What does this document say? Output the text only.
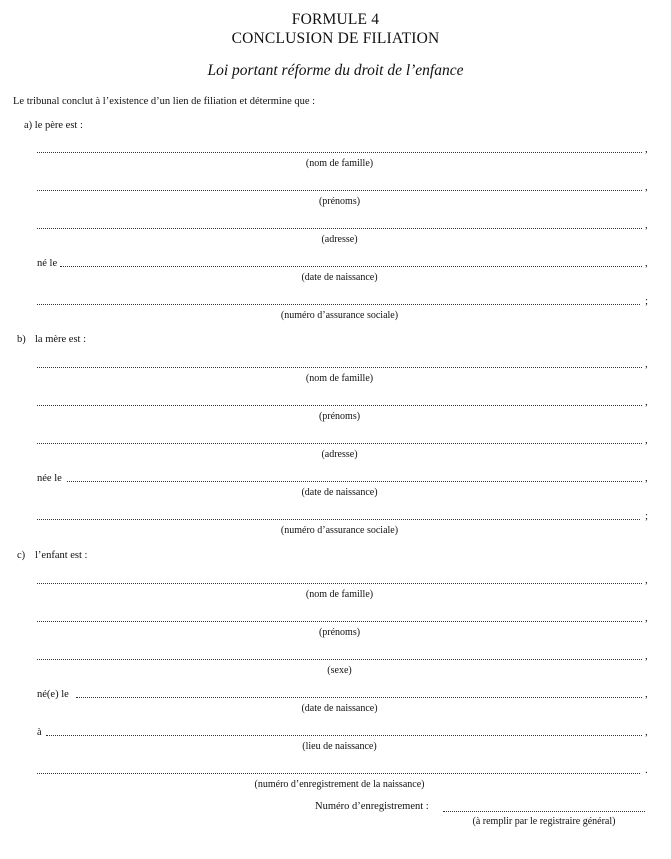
FORMULE 4
CONCLUSION DE FILIATION
Loi portant réforme du droit de l’enfance
Le tribunal conclut à l’existence d’un lien de filiation et détermine que :
a) le père est :
,
(nom de famille)
,
(prénoms)
,
(adresse)
né le	,
(date de naissance)
;
(numéro d’assurance sociale)
b) la mère est :
,
(nom de famille)
,
(prénoms)
,
(adresse)
née le	,
(date de naissance)
;
(numéro d’assurance sociale)
c) l’enfant est :
,
(nom de famille)
,
(prénoms)
,
(sexe)
né(e) le	,
(date de naissance)
à	,
(lieu de naissance)
.
(numéro d’enregistrement de la naissance)
Numéro d’enregistrement :
(à remplir par le registraire général)
